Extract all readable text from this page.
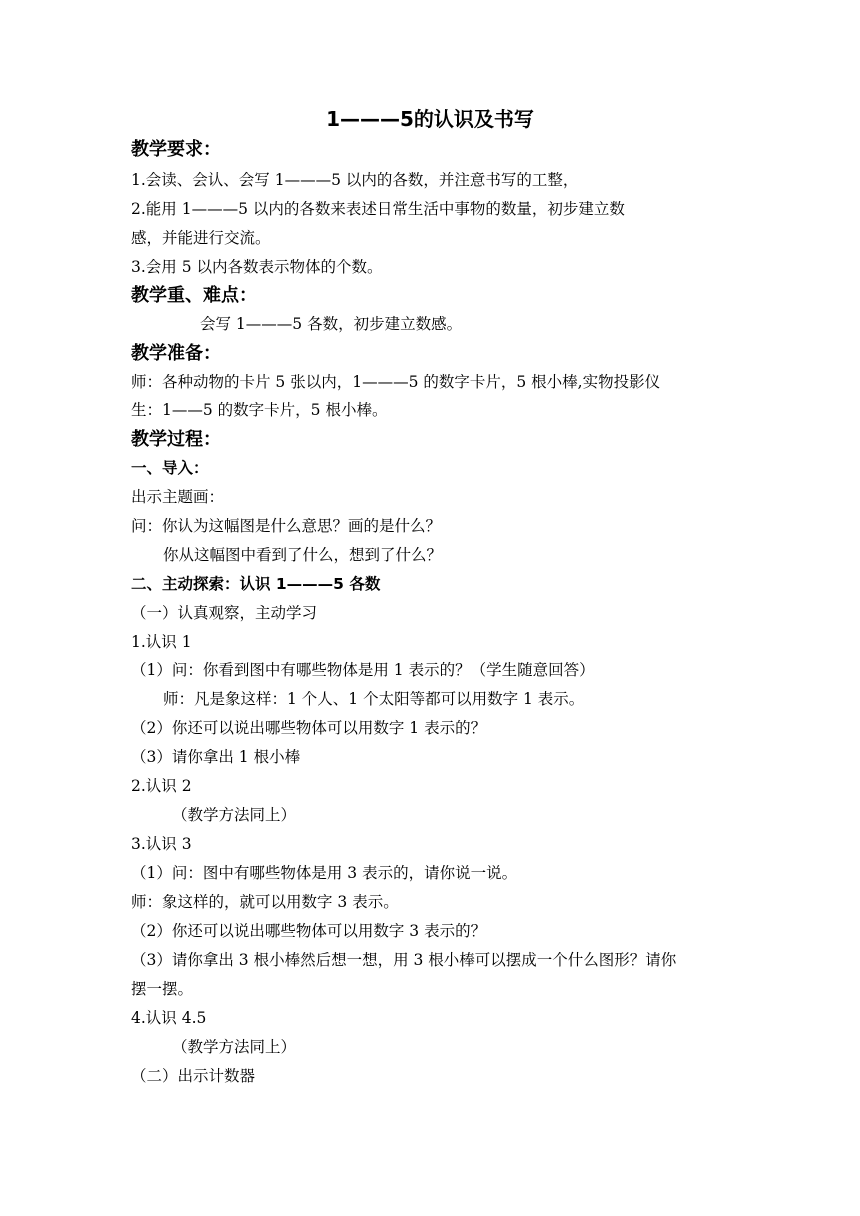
1———5的认识及书写
教学要求：
1.会读、会认、会写 1———5 以内的各数，并注意书写的工整，
2.能用 1———5 以内的各数来表述日常生活中事物的数量，初步建立数
感，并能进行交流。
3.会用 5 以内各数表示物体的个数。
教学重、难点：
会写 1———5 各数，初步建立数感。
教学准备：
师：各种动物的卡片 5 张以内，1———5 的数字卡片，5 根小棒,实物投影仪
生：1——5 的数字卡片，5 根小棒。
教学过程：
一、导入：
出示主题画：
问：你认为这幅图是什么意思？画的是什么？
你从这幅图中看到了什么，想到了什么？
二、主动探索：认识 1———5 各数
（一）认真观察，主动学习
1.认识 1
（1）问：你看到图中有哪些物体是用 1 表示的？（学生随意回答）
师：凡是象这样：1 个人、1 个太阳等都可以用数字 1 表示。
（2）你还可以说出哪些物体可以用数字 1 表示的？
（3）请你拿出 1 根小棒
2.认识 2
（教学方法同上）
3.认识 3
（1）问：图中有哪些物体是用 3 表示的，请你说一说。
师：象这样的，就可以用数字 3 表示。
（2）你还可以说出哪些物体可以用数字 3 表示的？
（3）请你拿出 3 根小棒然后想一想，用 3 根小棒可以摆成一个什么图形？请你
摆一摆。
4.认识 4.5
（教学方法同上）
（二）出示计数器
